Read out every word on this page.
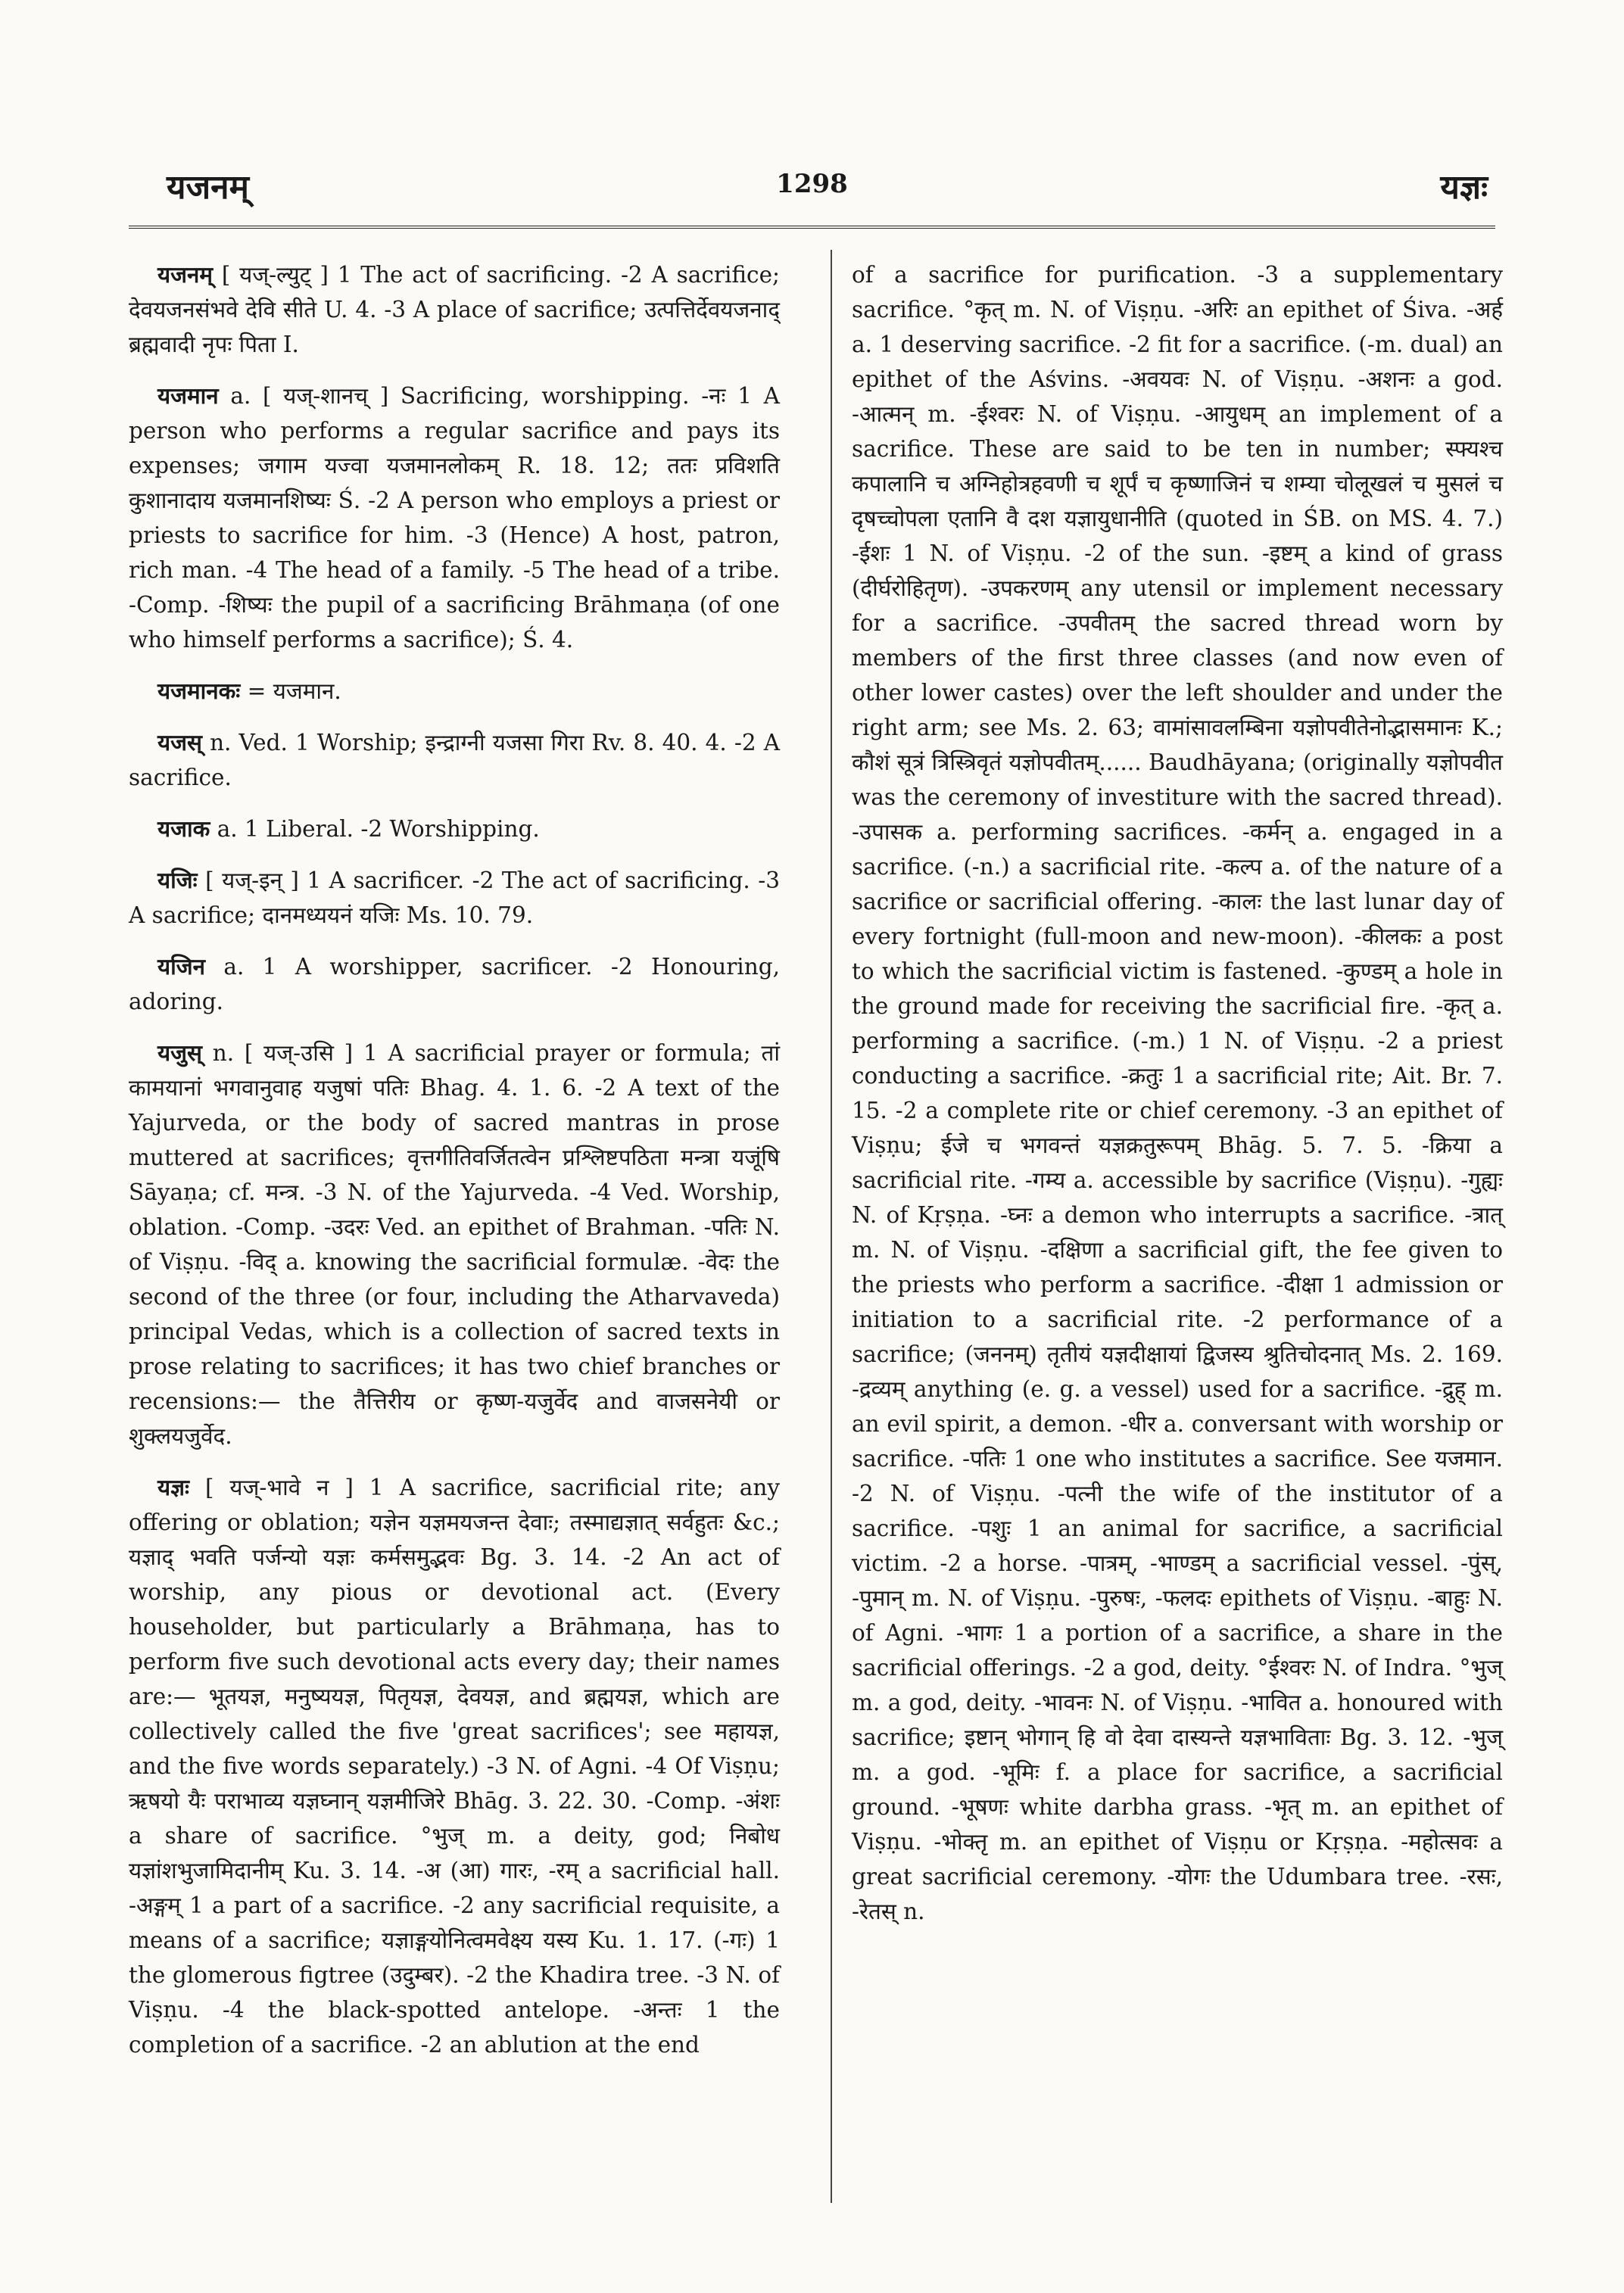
यजनम्	1298	यज्ञः

यजनम् [ यज्-ल्युट् ] 1 The act of sacrificing. -2 A sacrifice; देवयजनसंभवे देवि सीते U. 4. -3 A place of sacrifice; उत्पत्तिर्देवयजनाद् ब्रह्मवादी नृपः पिता I.

यजमान a. [ यज्-शानच् ] Sacrificing, worshipping. -नः 1 A person who performs a regular sacrifice and pays its expenses; जगाम यज्वा यजमानलोकम् R. 18. 12; ततः प्रविशति कुशानादाय यजमानशिष्यः Ś. -2 A person who employs a priest or priests to sacrifice for him. -3 (Hence) A host, patron, rich man. -4 The head of a family. -5 The head of a tribe. -Comp. -शिष्यः the pupil of a sacrificing Brāhmaṇa (of one who himself performs a sacrifice); Ś. 4.

यजमानकः = यजमान.

यजस् n. Ved. 1 Worship; इन्द्राग्नी यजसा गिरा Rv. 8. 40. 4. -2 A sacrifice.

यजाक a. 1 Liberal. -2 Worshipping.

यजिः [ यज्-इन् ] 1 A sacrificer. -2 The act of sacrificing. -3 A sacrifice; दानमध्ययनं यजिः Ms. 10. 79.

यजिन a. 1 A worshipper, sacrificer. -2 Honouring, adoring.

यजुस् n. [ यज्-उसि ] 1 A sacrificial prayer or formula; तां कामयानां भगवानुवाह यजुषां पतिः Bhag. 4. 1. 6. -2 A text of the Yajurveda, or the body of sacred mantras in prose muttered at sacrifices; वृत्तगीतिवर्जितत्वेन प्रश्लिष्टपठिता मन्त्रा यजूंषि Sāyaṇa; cf. मन्त्र. -3 N. of the Yajurveda. -4 Ved. Worship, oblation. -Comp. -उदरः Ved. an epithet of Brahman. -पतिः N. of Viṣṇu. -विद् a. knowing the sacrificial formulæ. -वेदः the second of the three (or four, including the Atharvaveda) principal Vedas, which is a collection of sacred texts in prose relating to sacrifices; it has two chief branches or recensions:— the तैत्तिरीय or कृष्ण-यजुर्वेद and वाजसनेयी or शुक्लयजुर्वेद.

यज्ञः [ यज्-भावे न ] 1 A sacrifice, sacrificial rite; any offering or oblation; यज्ञेन यज्ञमयजन्त देवाः; तस्माद्यज्ञात् सर्वहुतः &c.; यज्ञाद् भवति पर्जन्यो यज्ञः कर्मसमुद्भवः Bg. 3. 14. -2 An act of worship, any pious or devotional act. (Every householder, but particularly a Brāhmaṇa, has to perform five such devotional acts every day; their names are:— भूतयज्ञ, मनुष्ययज्ञ, पितृयज्ञ, देवयज्ञ, and ब्रह्मयज्ञ, which are collectively called the five 'great sacrifices'; see महायज्ञ, and the five words separately.) -3 N. of Agni. -4 Of Viṣṇu; ऋषयो यैः पराभाव्य यज्ञघ्नान् यज्ञमीजिरे Bhāg. 3. 22. 30. -Comp. -अंशः a share of sacrifice. °भुज् m. a deity, god; निबोध यज्ञांशभुजामिदानीम् Ku. 3. 14. -अ (आ) गारः, -रम् a sacrificial hall. -अङ्गम् 1 a part of a sacrifice. -2 any sacrificial requisite, a means of a sacrifice; यज्ञाङ्गयोनित्वमवेक्ष्य यस्य Ku. 1. 17. (-गः) 1 the glomerous figtree (उदुम्बर). -2 the Khadira tree. -3 N. of Viṣṇu. -4 the black-spotted antelope. -अन्तः 1 the completion of a sacrifice. -2 an ablution at the end

of a sacrifice for purification. -3 a supplementary sacrifice. °कृत् m. N. of Viṣṇu. -अरिः an epithet of Śiva. -अर्ह a. 1 deserving sacrifice. -2 fit for a sacrifice. (-m. dual) an epithet of the Aśvins. -अवयवः N. of Viṣṇu. -अशनः a god. -आत्मन् m. -ईश्वरः N. of Viṣṇu. -आयुधम् an implement of a sacrifice. These are said to be ten in number; स्फ्यश्च कपालानि च अग्निहोत्रहवणी च शूर्पं च कृष्णाजिनं च शम्या चोलूखलं च मुसलं च दृषच्चोपला एतानि वै दश यज्ञायुधानीति (quoted in ŚB. on MS. 4. 7.) -ईशः 1 N. of Viṣṇu. -2 of the sun. -इष्टम् a kind of grass (दीर्घरोहितृण). -उपकरणम् any utensil or implement necessary for a sacrifice. -उपवीतम् the sacred thread worn by members of the first three classes (and now even of other lower castes) over the left shoulder and under the right arm; see Ms. 2. 63; वामांसावलम्बिना यज्ञोपवीतेनोद्भासमानः K.; कौशं सूत्रं त्रिस्त्रिवृतं यज्ञोपवीतम्...... Baudhāyana; (originally यज्ञोपवीत was the ceremony of investiture with the sacred thread). -उपासक a. performing sacrifices. -कर्मन् a. engaged in a sacrifice. (-n.) a sacrificial rite. -कल्प a. of the nature of a sacrifice or sacrificial offering. -कालः the last lunar day of every fortnight (full-moon and new-moon). -कीलकः a post to which the sacrificial victim is fastened. -कुण्डम् a hole in the ground made for receiving the sacrificial fire. -कृत् a. performing a sacrifice. (-m.) 1 N. of Viṣṇu. -2 a priest conducting a sacrifice. -क्रतुः 1 a sacrificial rite; Ait. Br. 7. 15. -2 a complete rite or chief ceremony. -3 an epithet of Viṣṇu; ईजे च भगवन्तं यज्ञक्रतुरूपम् Bhāg. 5. 7. 5. -क्रिया a sacrificial rite. -गम्य a. accessible by sacrifice (Viṣṇu). -गुह्यः N. of Kṛṣṇa. -घ्नः a demon who interrupts a sacrifice. -त्रात् m. N. of Viṣṇu. -दक्षिणा a sacrificial gift, the fee given to the priests who perform a sacrifice. -दीक्षा 1 admission or initiation to a sacrificial rite. -2 performance of a sacrifice; (जननम्) तृतीयं यज्ञदीक्षायां द्विजस्य श्रुतिचोदनात् Ms. 2. 169. -द्रव्यम् anything (e. g. a vessel) used for a sacrifice. -द्रुह् m. an evil spirit, a demon. -धीर a. conversant with worship or sacrifice. -पतिः 1 one who institutes a sacrifice. See यजमान. -2 N. of Viṣṇu. -पत्नी the wife of the institutor of a sacrifice. -पशुः 1 an animal for sacrifice, a sacrificial victim. -2 a horse. -पात्रम्, -भाण्डम् a sacrificial vessel. -पुंस्, -पुमान् m. N. of Viṣṇu. -पुरुषः, -फलदः epithets of Viṣṇu. -बाहुः N. of Agni. -भागः 1 a portion of a sacrifice, a share in the sacrificial offerings. -2 a god, deity. °ईश्वरः N. of Indra. °भुज् m. a god, deity. -भावनः N. of Viṣṇu. -भावित a. honoured with sacrifice; इष्टान् भोगान् हि वो देवा दास्यन्ते यज्ञभाविताः Bg. 3. 12. -भुज् m. a god. -भूमिः f. a place for sacrifice, a sacrificial ground. -भूषणः white darbha grass. -भृत् m. an epithet of Viṣṇu. -भोक्तृ m. an epithet of Viṣṇu or Kṛṣṇa. -महोत्सवः a great sacrificial ceremony. -योगः the Udumbara tree. -रसः, -रेतस् n.
